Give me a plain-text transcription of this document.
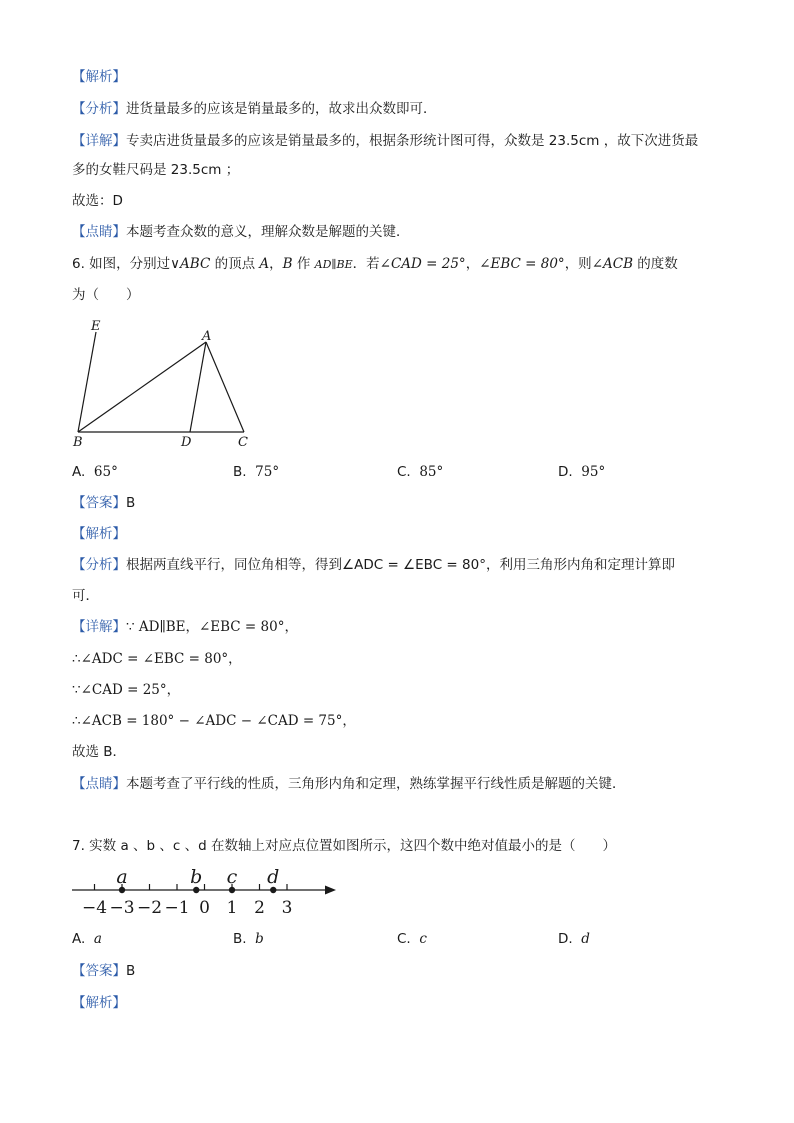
【解析】
【分析】进货量最多的应该是销量最多的，故求出众数即可．
【详解】专卖店进货量最多的应该是销量最多的，根据条形统计图可得，众数是 23.5cm ，故下次进货最
多的女鞋尺码是 23.5cm ；
故选：D
【点睛】本题考查众数的意义，理解众数是解题的关键．
6. 如图，分别过∨ABC 的顶点 A，B 作 AD∥BE．若∠CAD = 25°，∠EBC = 80°，则∠ACB 的度数
为（　　）
E
A
B	D	C
A. 65°	B. 75°	C. 85°	D. 95°
【答案】B
【解析】
【分析】根据两直线平行，同位角相等，得到∠ADC = ∠EBC = 80°，利用三角形内角和定理计算即
可．
【详解】∵ AD∥BE，∠EBC = 80°，
∴∠ADC = ∠EBC = 80°，
∵∠CAD = 25°，
∴∠ACB = 180° − ∠ADC − ∠CAD = 75°，
故选 B．
【点睛】本题考查了平行线的性质，三角形内角和定理，熟练掌握平行线性质是解题的关键．
7. 实数 a 、b 、c 、d 在数轴上对应点位置如图所示，这四个数中绝对值最小的是（　　）
−4 −3 −2 −1 0 1 2 3
a	b c d
A. a	B. b	C. c	D. d
【答案】B
【解析】
